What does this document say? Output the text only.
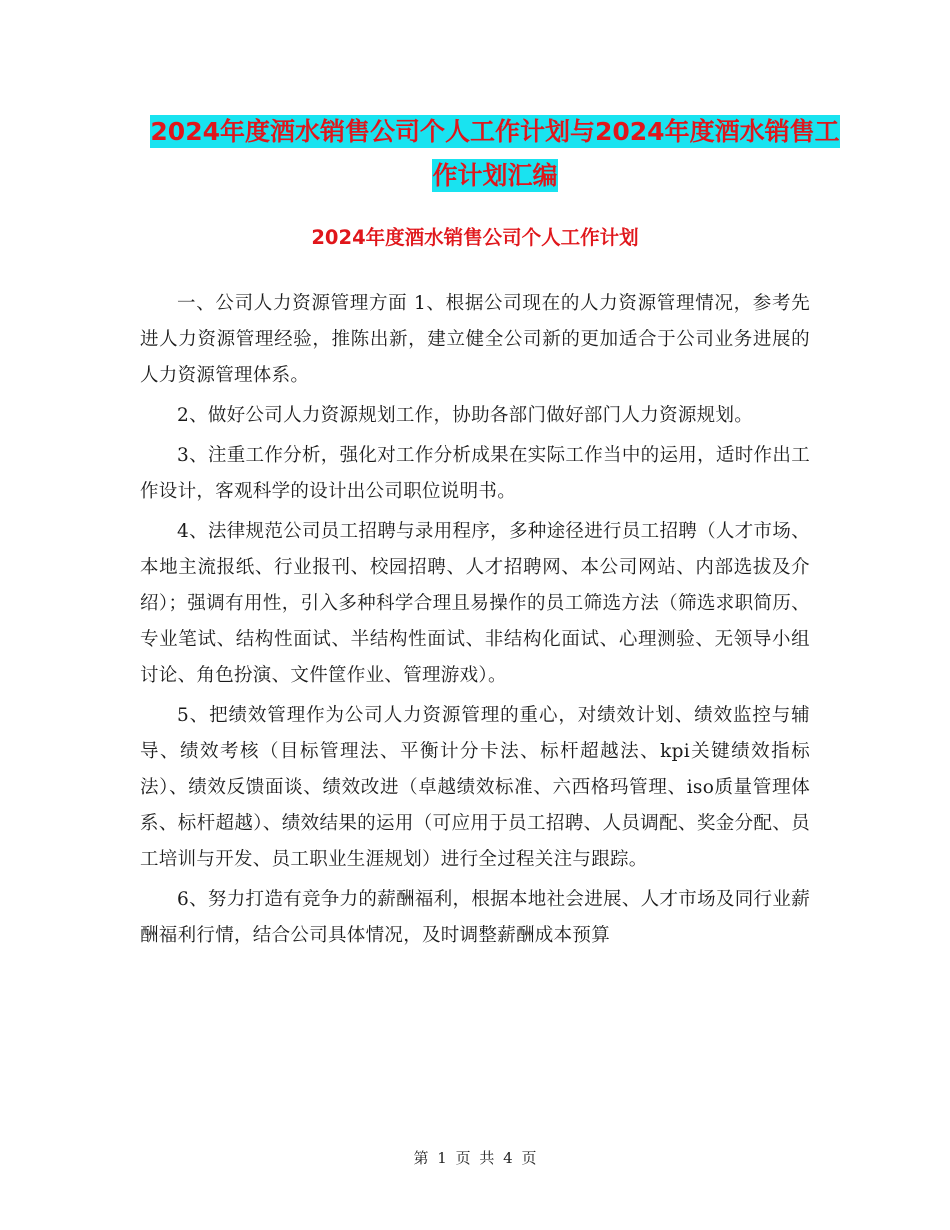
2024年度酒水销售公司个人工作计划与2024年度酒水销售工作计划汇编
2024年度酒水销售公司个人工作计划

一、公司人力资源管理方面 1、根据公司现在的人力资源管理情况，参考先进人力资源管理经验，推陈出新，建立健全公司新的更加适合于公司业务进展的人力资源管理体系。

2、做好公司人力资源规划工作，协助各部门做好部门人力资源规划。

3、注重工作分析，强化对工作分析成果在实际工作当中的运用，适时作出工作设计，客观科学的设计出公司职位说明书。

4、法律规范公司员工招聘与录用程序，多种途径进行员工招聘（人才市场、本地主流报纸、行业报刊、校园招聘、人才招聘网、本公司网站、内部选拔及介绍）；强调有用性，引入多种科学合理且易操作的员工筛选方法（筛选求职简历、专业笔试、结构性面试、半结构性面试、非结构化面试、心理测验、无领导小组讨论、角色扮演、文件筐作业、管理游戏）。

5、把绩效管理作为公司人力资源管理的重心，对绩效计划、绩效监控与辅导、绩效考核（目标管理法、平衡计分卡法、标杆超越法、kpi关键绩效指标法）、绩效反馈面谈、绩效改进（卓越绩效标准、六西格玛管理、iso质量管理体系、标杆超越）、绩效结果的运用（可应用于员工招聘、人员调配、奖金分配、员工培训与开发、员工职业生涯规划）进行全过程关注与跟踪。

6、努力打造有竞争力的薪酬福利，根据本地社会进展、人才市场及同行业薪酬福利行情，结合公司具体情况，及时调整薪酬成本预算

第 1 页 共 4 页
